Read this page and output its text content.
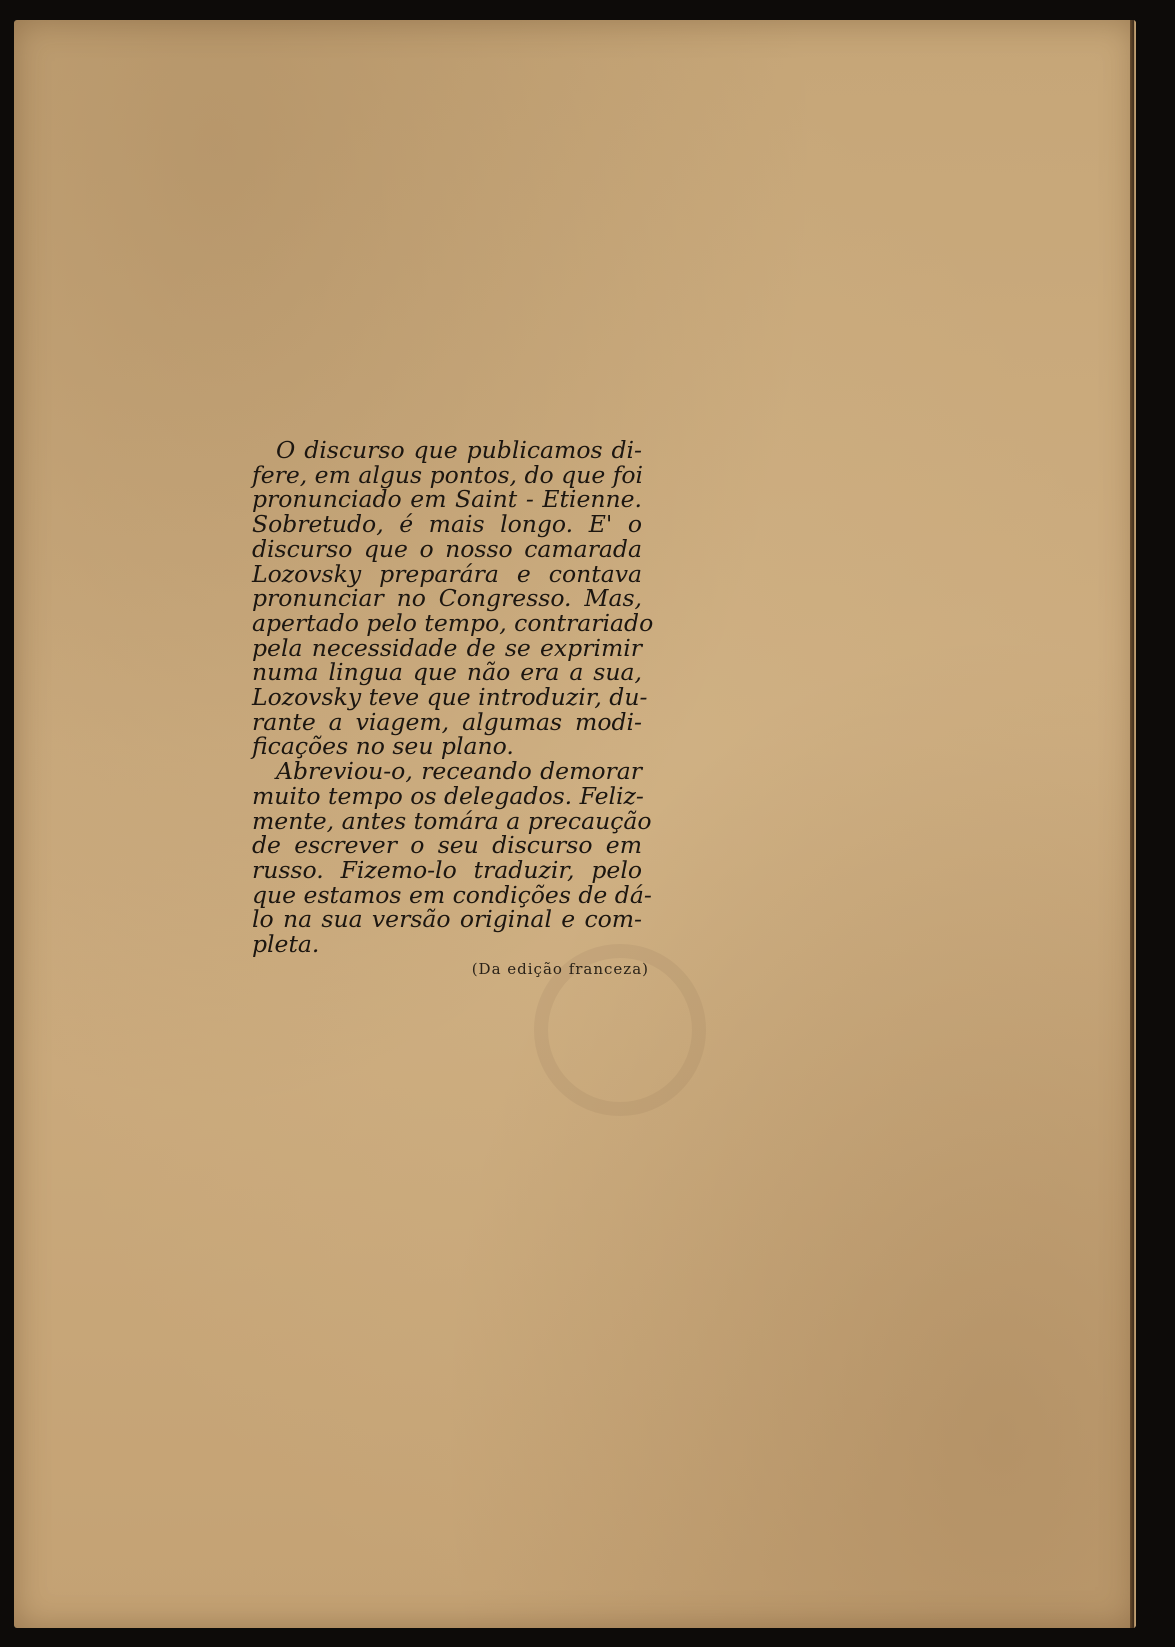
O discurso que publicamos di-
fere, em algus pontos, do que foi
pronunciado em Saint - Etienne.
Sobretudo, é mais longo. E' o
discurso que o nosso camarada
Lozovsky preparára e contava
pronunciar no Congresso. Mas,
apertado pelo tempo, contrariado
pela necessidade de se exprimir
numa lingua que não era a sua,
Lozovsky teve que introduzir, du-
rante a viagem, algumas modi-
ficações no seu plano.
Abreviou-o, receando demorar
muito tempo os delegados. Feliz-
mente, antes tomára a precaução
de escrever o seu discurso em
russo. Fizemo-lo traduzir, pelo
que estamos em condições de dá-
lo na sua versão original e com-
pleta.
(Da edição franceza)
